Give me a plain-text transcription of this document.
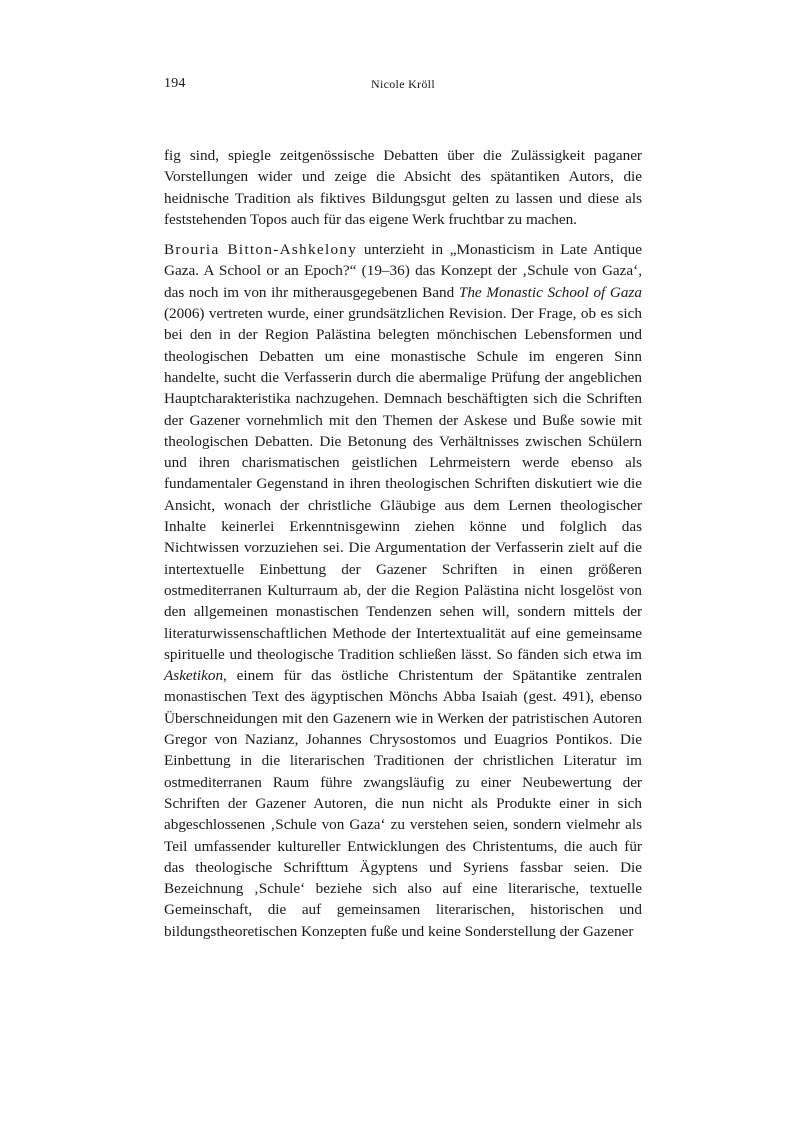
194	Nicole Kröll

fig sind, spiegle zeitgenössische Debatten über die Zulässigkeit paganer Vorstellungen wider und zeige die Absicht des spätantiken Autors, die heidnische Tradition als fiktives Bildungsgut gelten zu lassen und diese als feststehenden Topos auch für das eigene Werk fruchtbar zu machen.

Brouria Bitton-Ashkelony unterzieht in „Monasticism in Late Antique Gaza. A School or an Epoch?“ (19–36) das Konzept der ‚Schule von Gaza‘, das noch im von ihr mitherausgegebenen Band The Monastic School of Gaza (2006) vertreten wurde, einer grundsätzlichen Revision. Der Frage, ob es sich bei den in der Region Palästina belegten mönchischen Lebensformen und theologischen Debatten um eine monastische Schule im engeren Sinn handelte, sucht die Verfasserin durch die abermalige Prüfung der angeblichen Hauptcharakteristika nachzugehen. Demnach beschäftigten sich die Schriften der Gazener vornehmlich mit den Themen der Askese und Buße sowie mit theologischen Debatten. Die Betonung des Verhältnisses zwischen Schülern und ihren charismatischen geistlichen Lehrmeistern werde ebenso als fundamentaler Gegenstand in ihren theologischen Schriften diskutiert wie die Ansicht, wonach der christliche Gläubige aus dem Lernen theologischer Inhalte keinerlei Erkenntnisgewinn ziehen könne und folglich das Nichtwissen vorzuziehen sei. Die Argumentation der Verfasserin zielt auf die intertextuelle Einbettung der Gazener Schriften in einen größeren ostmediterranen Kulturraum ab, der die Region Palästina nicht losgelöst von den allgemeinen monastischen Tendenzen sehen will, sondern mittels der literaturwissenschaftlichen Methode der Intertextualität auf eine gemeinsame spirituelle und theologische Tradition schließen lässt. So fänden sich etwa im Asketikon, einem für das östliche Christentum der Spätantike zentralen monastischen Text des ägyptischen Mönchs Abba Isaiah (gest. 491), ebenso Überschneidungen mit den Gazenern wie in Werken der patristischen Autoren Gregor von Nazianz, Johannes Chrysostomos und Euagrios Pontikos. Die Einbettung in die literarischen Traditionen der christlichen Literatur im ostmediterranen Raum führe zwangsläufig zu einer Neubewertung der Schriften der Gazener Autoren, die nun nicht als Produkte einer in sich abgeschlossenen ‚Schule von Gaza‘ zu verstehen seien, sondern vielmehr als Teil umfassender kultureller Entwicklungen des Christentums, die auch für das theologische Schrifttum Ägyptens und Syriens fassbar seien. Die Bezeichnung ‚Schule‘ beziehe sich also auf eine literarische, textuelle Gemeinschaft, die auf gemeinsamen literarischen, historischen und bildungstheoretischen Konzepten fuße und keine Sonderstellung der Gazener
